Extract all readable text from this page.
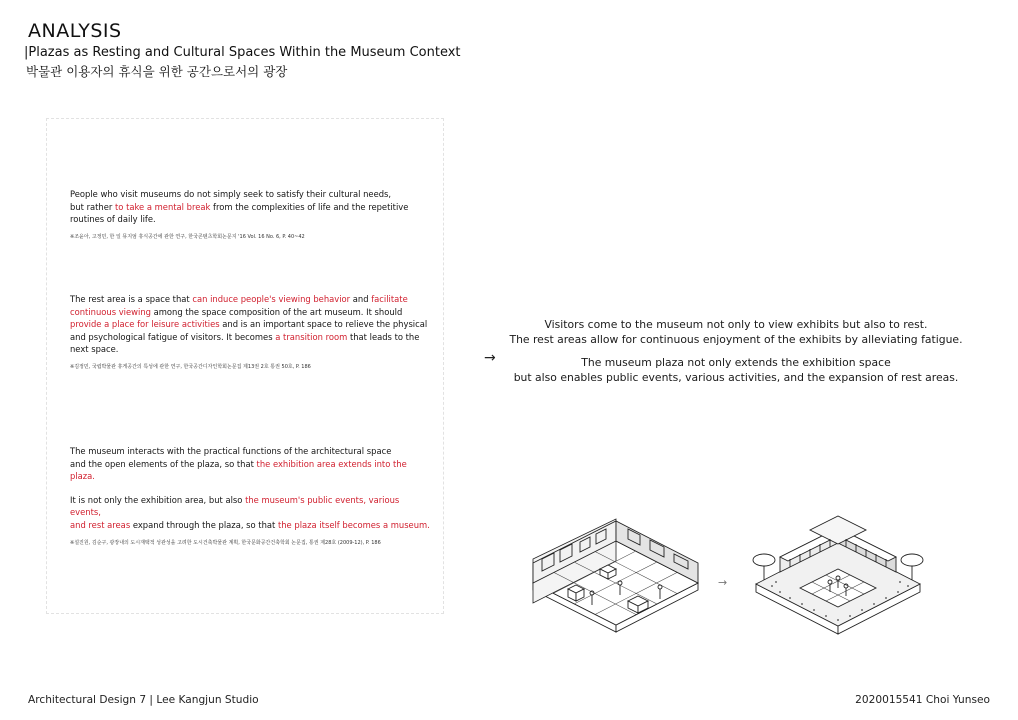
ANALYSIS
|Plazas as Resting and Cultural Spaces Within the Museum Context
박물관 이용자의 휴식을 위한 공간으로서의 광장

People who visit museums do not simply seek to satisfy their cultural needs,

but rather to take a mental break from the complexities of life and the repetitive

routines of daily life.

※조윤아, 고정민, 한 일 뮤지엄 휴식공간에 관한 연구, 한국콘텐츠학회논문지 '16 Vol. 16 No. 6, P. 40~42

The rest area is a space that can induce people's viewing behavior and facilitate

continuous viewing among the space composition of the art museum. It should

provide a place for leisure activities and is an important space to relieve the physical

and psychological fatigue of visitors. It becomes a transition room that leads to the

next space.

※김정민, 국립박물관 휴게공간의 특성에 관한 연구, 한국공간디자인학회논문집 제13권 2호 통권 50호, P. 186

The museum interacts with the practical functions of the architectural space

and the open elements of the plaza, so that the exhibition area extends into the plaza.

It is not only the exhibition area, but also the museum's public events, various events,

and rest areas expand through the plaza, so that the plaza itself becomes a museum.

※설진원, 김순구, 광장내의 도시재택적 성관성을 고려한 도시건축박물관 계획, 한국문화공간건축학회 논문집, 통권 제28호 (2009-12), P. 186

→

Visitors come to the museum not only to view exhibits but also to rest.

The rest areas allow for continuous enjoyment of the exhibits by alleviating fatigue.

The museum plaza not only extends the exhibition space

but also enables public events, various activities, and the expansion of rest areas.

→
Architectural Design 7 | Lee Kangjun Studio	2020015541 Choi Yunseo
